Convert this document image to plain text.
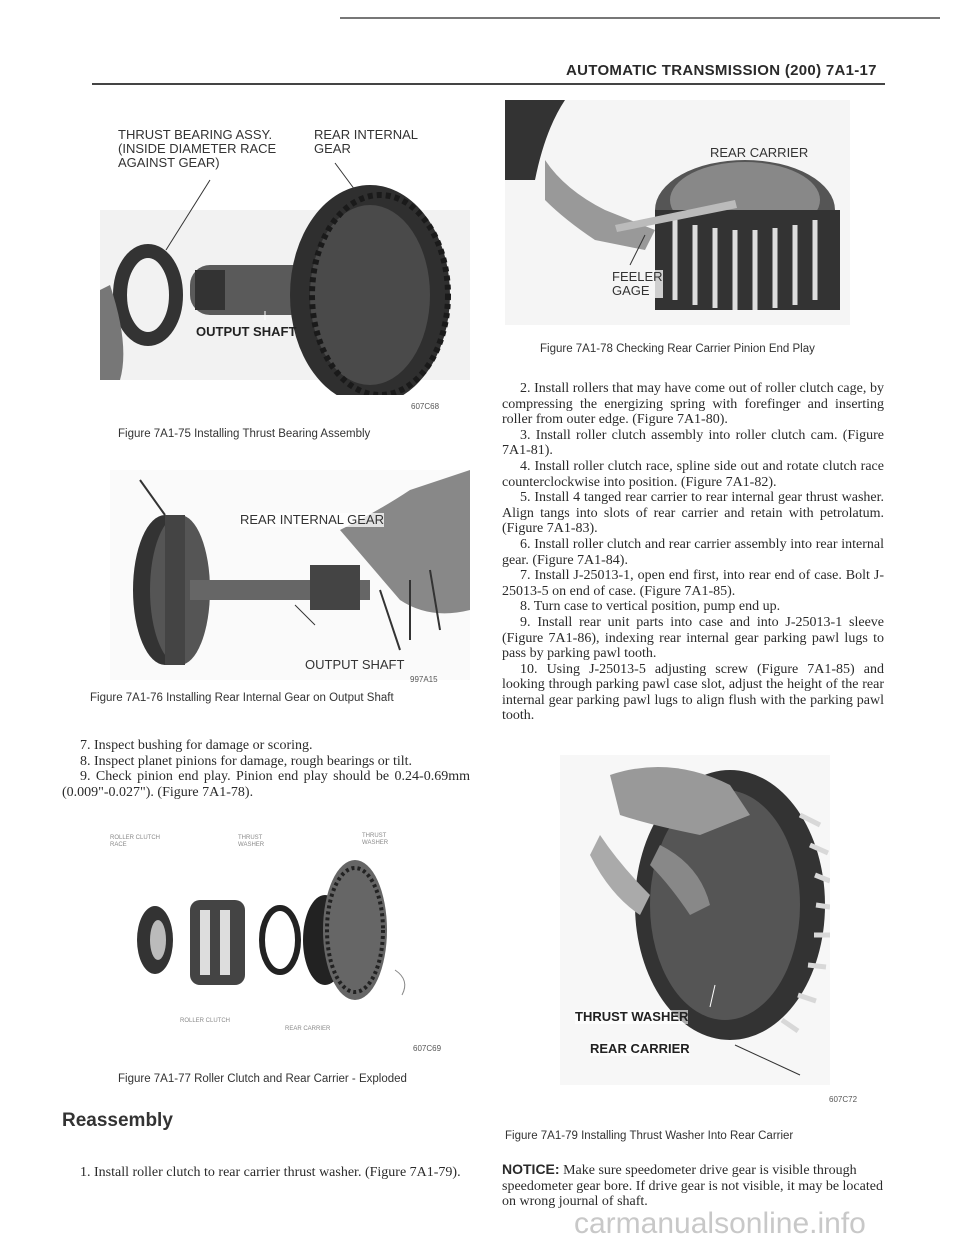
AUTOMATIC TRANSMISSION (200) 7A1-17
THRUST BEARING ASSY.
(INSIDE DIAMETER RACE
AGAINST GEAR)
REAR INTERNAL
GEAR
OUTPUT SHAFT
607C68
Figure 7A1-75 Installing Thrust Bearing Assembly
REAR INTERNAL GEAR
OUTPUT SHAFT
997A15
Figure 7A1-76 Installing Rear Internal Gear on Output Shaft

7. Inspect bushing for damage or scoring.

8. Inspect planet pinions for damage, rough bearings or tilt.

9. Check pinion end play. Pinion end play should be 0.24-0.69mm (0.009"-0.027"). (Figure 7A1-78).

ROLLER CLUTCH
RACE
THRUST
WASHER
THRUST
WASHER
ROLLER CLUTCH
REAR CARRIER
607C69
Figure 7A1-77 Roller Clutch and Rear Carrier - Exploded
Reassembly

1. Install roller clutch to rear carrier thrust washer. (Figure 7A1-79).

REAR CARRIER
FEELER
GAGE
Figure 7A1-78 Checking Rear Carrier Pinion End Play

2. Install rollers that may have come out of roller clutch cage, by compressing the energizing spring with forefinger and inserting roller from outer edge. (Figure 7A1-80).

3. Install roller clutch assembly into roller clutch cam. (Figure 7A1-81).

4. Install roller clutch race, spline side out and rotate clutch race counterclockwise into position. (Figure 7A1-82).

5. Install 4 tanged rear carrier to rear internal gear thrust washer. Align tangs into slots of rear carrier and retain with petrolatum. (Figure 7A1-83).

6. Install roller clutch and rear carrier assembly into rear internal gear. (Figure 7A1-84).

7. Install J-25013-1, open end first, into rear end of case. Bolt J-25013-5 on end of case. (Figure 7A1-85).

8. Turn case to vertical position, pump end up.

9. Install rear unit parts into case and into J-25013-1 sleeve (Figure 7A1-86), indexing rear internal gear parking pawl lugs to pass by parking pawl tooth.

10. Using J-25013-5 adjusting screw (Figure 7A1-85) and looking through parking pawl case slot, adjust the height of the rear internal gear parking pawl lugs to align flush with the parking pawl tooth.

THRUST WASHER
REAR CARRIER
607C72
Figure 7A1-79 Installing Thrust Washer Into Rear Carrier
NOTICE: Make sure speedometer drive gear is visible through speedometer gear bore. If drive gear is not visible, it may be located on wrong journal of shaft.
carmanualsonline.info
